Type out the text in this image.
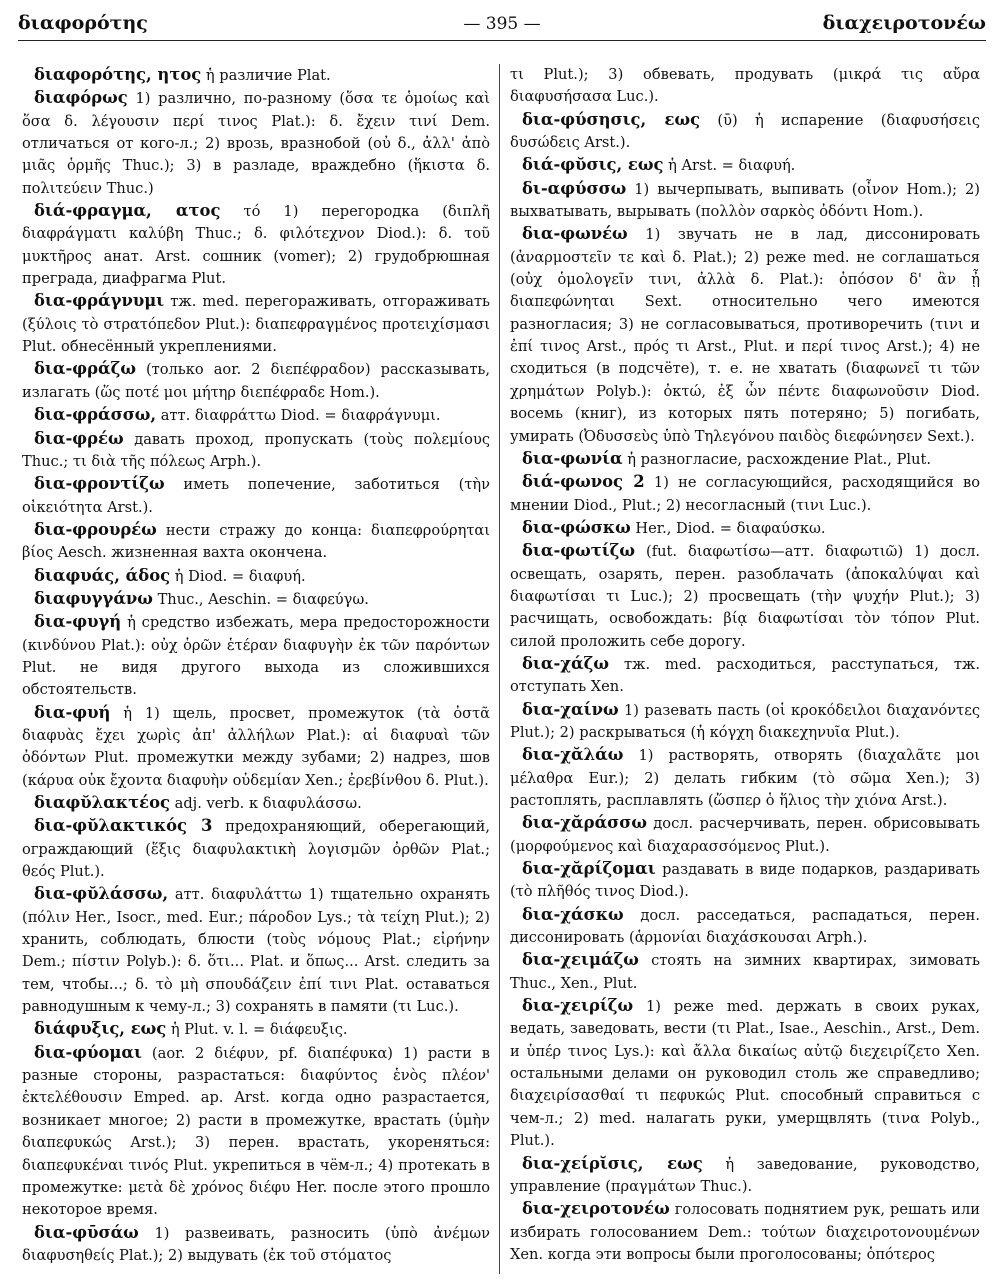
διαφορότης	— 395 —	διαχειροτονέω

διαφορότης, ητος ἡ различие Plat.

διαφόρως 1) различно, по-разному (ὅσα τε ὁμοίως καὶ ὅσα δ. λέγουσιν περί τινος Plat.): δ. ἔχειν τινί Dem. отличаться от кого-л.; 2) врозь, вразнобой (οὐ δ., ἀλλ' ἀπὸ μιᾶς ὁρμῆς Thuc.); 3) в разладе, враждебно (ἥκιστα δ. πολιτεύειν Thuc.)

διά-φραγμα, ατος τό 1) перегородка (διπλῆ διαφράγματι καλύβη Thuc.; δ. φιλότεχνον Diod.): δ. τοῦ μυκτῆρος анат. Arst. сошник (vomer); 2) грудобрюшная преграда, диафрагма Plut.

δια-φράγνυμι тж. med. перегораживать, отгораживать (ξύλοις τὸ στρατόπεδον Plut.): διαπεφραγμένος προτειχίσμασι Plut. обнесённый укреплениями.

δια-φράζω (только aor. 2 διεπέφραδον) рассказывать, излагать (ὥς ποτέ μοι μήτηρ διεπέφραδε Hom.).

δια-φράσσω, атт. διαφράττω Diod. = διαφράγνυμι.

δια-φρέω давать проход, пропускать (τοὺς πολεμίους Thuc.; τι διὰ τῆς πόλεως Arph.).

δια-φροντίζω иметь попечение, заботиться (τὴν οἰκειότητα Arst.).

δια-φρουρέω нести стражу до конца: διαπεφρούρηται βίος Aesch. жизненная вахта окончена.

διαφυάς, άδος ἡ Diod. = διαφυή.

διαφυγγάνω Thuc., Aeschin. = διαφεύγω.

δια-φυγή ἡ средство избежать, мера предосторожности (κινδύνου Plat.): οὐχ ὁρῶν ἑτέραν διαφυγὴν ἐκ τῶν παρόντων Plut. не видя другого выхода из сложившихся обстоятельств.

δια-φυή ἡ 1) щель, просвет, промежуток (τὰ ὀστᾶ διαφυὰς ἔχει χωρὶς ἀπ' ἀλλήλων Plat.): αἱ διαφυαὶ τῶν ὀδόντων Plut. промежутки между зубами; 2) надрез, шов (κάρυα οὐκ ἔχοντα διαφυὴν οὐδεμίαν Xen.; ἐρεβίνθου δ. Plut.).

διαφῠλακτέος adj. verb. к διαφυλάσσω.

δια-φῠλακτικός 3 предохраняющий, оберегающий, ограждающий (ἕξις διαφυλακτικὴ λογισμῶν ὀρθῶν Plat.; θεός Plut.).

δια-φῠλάσσω, атт. διαφυλάττω 1) тщательно охранять (πόλιν Her., Isocr., med. Eur.; πάροδον Lys.; τὰ τείχη Plut.); 2) хранить, соблюдать, блюсти (τοὺς νόμους Plat.; εἰρήνην Dem.; πίστιν Polyb.): δ. ὅτι... Plat. и ὅπως... Arst. следить за тем, чтобы...; δ. τὸ μὴ σπουδάζειν ἐπί τινι Plat. оставаться равнодушным к чему-л.; 3) сохранять в памяти (τι Luc.).

διάφυξις, εως ἡ Plut. v. l. = διάφευξις.

δια-φύομαι (aor. 2 διέφυν, pf. διαπέφυκα) 1) расти в разные стороны, разрастаться: διαφύντος ἑνὸς πλέον' ἐκτελέθουσιν Emped. ap. Arst. когда одно разрастается, возникает многое; 2) расти в промежутке, врастать (ὑμὴν διαπεφυκώς Arst.); 3) перен. врастать, укореняться: διαπεφυκέναι τινός Plut. укрепиться в чём-л.; 4) протекать в промежутке: μετὰ δὲ χρόνος διέφυ Her. после этого прошло некоторое время.

δια-φῡσάω 1) развеивать, разносить (ὑπὸ ἀνέμων διαφυσηθείς Plat.); 2) выдувать (ἐκ τοῦ στόματος

τι Plut.); 3) обвевать, продувать (μικρά τις αὔρα διαφυσήσασα Luc.).

δια-φύσησις, εως (ῡ) ἡ испарение (διαφυσήσεις δυσώδεις Arst.).

διά-φῠσις, εως ἡ Arst. = διαφυή.

δι-αφύσσω 1) вычерпывать, выпивать (οἶνον Hom.); 2) выхватывать, вырывать (πολλὸν σαρκὸς ὀδόντι Hom.).

δια-φωνέω 1) звучать не в лад, диссонировать (ἀναρμοστεῖν τε καὶ δ. Plat.); 2) реже med. не соглашаться (οὐχ ὁμολογεῖν τινι, ἀλλὰ δ. Plat.): ὁπόσον δ' ἂν ᾖ διαπεφώνηται Sext. относительно чего имеются разногласия; 3) не согласовываться, противоречить (τινι и ἐπί τινος Arst., πρός τι Arst., Plut. и περί τινος Arst.); 4) не сходиться (в подсчёте), т. е. не хватать (διαφωνεῖ τι τῶν χρημάτων Polyb.): ὀκτώ, ἐξ ὧν πέντε διαφωνοῦσιν Diod. восемь (книг), из которых пять потеряно; 5) погибать, умирать (Ὀδυσσεὺς ὑπὸ Τηλεγόνου παιδὸς διεφώνησεν Sext.).

δια-φωνία ἡ разногласие, расхождение Plat., Plut.

διά-φωνος 2 1) не согласующийся, расходящийся во мнении Diod., Plut.; 2) несогласный (τινι Luc.).

δια-φώσκω Her., Diod. = διαφαύσκω.

δια-φωτίζω (fut. διαφωτίσω—атт. διαφωτιῶ) 1) досл. освещать, озарять, перен. разоблачать (ἀποκαλύψαι καὶ διαφωτίσαι τι Luc.); 2) просвещать (τὴν ψυχήν Plut.); 3) расчищать, освобождать: βίᾳ διαφωτίσαι τὸν τόπον Plut. силой проложить себе дорогу.

δια-χάζω тж. med. расходиться, расступаться, тж. отступать Xen.

δια-χαίνω 1) разевать пасть (οἱ κροκόδειλοι διαχανόντες Plut.); 2) раскрываться (ἡ κόγχη διακεχηνυῖα Plut.).

δια-χᾰλάω 1) растворять, отворять (διαχαλᾶτε μοι μέλαθρα Eur.); 2) делать гибким (τὸ σῶμα Xen.); 3) растоплять, расплавлять (ὥσπερ ὁ ἥλιος τὴν χιόνα Arst.).

δια-χᾰράσσω досл. расчерчивать, перен. обрисовывать (μορφούμενος καὶ διαχαρασσόμενος Plut.).

δια-χᾰρίζομαι раздавать в виде подарков, раздаривать (τὸ πλῆθός τινος Diod.).

δια-χάσκω досл. расседаться, распадаться, перен. диссонировать (ἁρμονίαι διαχάσκουσαι Arph.).

δια-χειμάζω стоять на зимних квартирах, зимовать Thuc., Xen., Plut.

δια-χειρίζω 1) реже med. держать в своих руках, ведать, заведовать, вести (τι Plat., Isae., Aeschin., Arst., Dem. и ὑπέρ τινος Lys.): καὶ ἄλλα δικαίως αὐτῷ διεχειρίζετο Xen. остальными делами он руководил столь же справедливо; διαχειρίσασθαί τι πεφυκώς Plut. способный справиться с чем-л.; 2) med. налагать руки, умерщвлять (τινα Polyb., Plut.).

δια-χείρῐσις, εως ἡ заведование, руководство, управление (πραγμάτων Thuc.).

δια-χειροτονέω голосовать поднятием рук, решать или избирать голосованием Dem.: τούτων διαχειροτονουμένων Xen. когда эти вопросы были проголосованы; ὁπότερος
